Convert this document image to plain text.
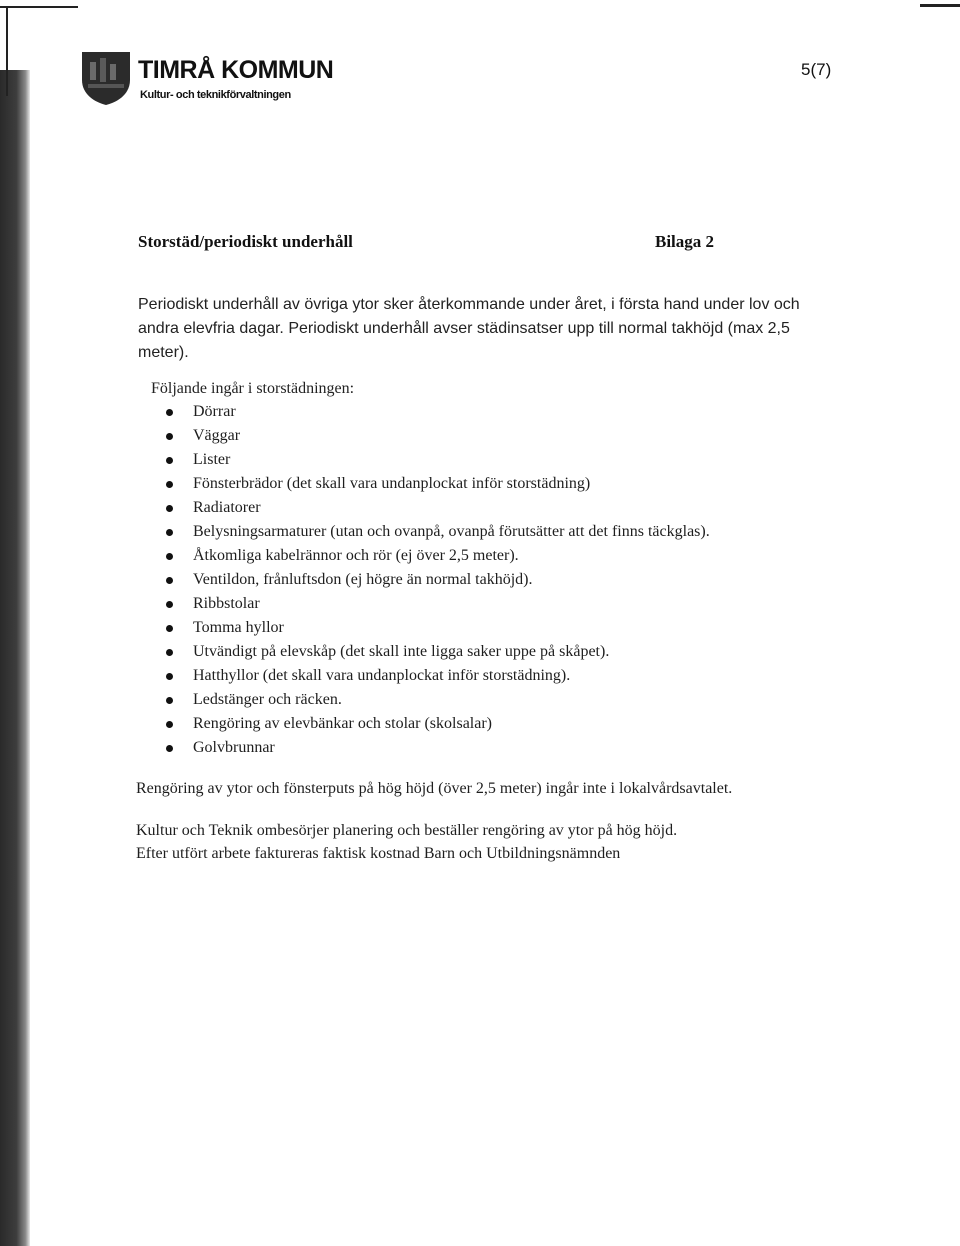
TIMRÅ KOMMUN
Kultur- och teknikförvaltningen
5(7)
Storstäd/periodiskt underhåll	Bilaga 2

Periodiskt underhåll av övriga ytor sker återkommande under året, i första hand under lov och
andra elevfria dagar. Periodiskt underhåll avser städinsatser upp till normal takhöjd (max 2,5
meter).

Följande ingår i storstädningen:
Dörrar
Väggar
Lister
Fönsterbrädor (det skall vara undanplockat inför storstädning)
Radiatorer
Belysningsarmaturer (utan och ovanpå, ovanpå förutsätter att det finns täckglas).
Åtkomliga kabelrännor och rör (ej över 2,5 meter).
Ventildon, frånluftsdon (ej högre än normal takhöjd).
Ribbstolar
Tomma hyllor
Utvändigt på elevskåp (det skall inte ligga saker uppe på skåpet).
Hatthyllor (det skall vara undanplockat inför storstädning).
Ledstänger och räcken.
Rengöring av elevbänkar och stolar (skolsalar)
Golvbrunnar

Rengöring av ytor och fönsterputs på hög höjd (över 2,5 meter) ingår inte i lokalvårdsavtalet.

Kultur och Teknik ombesörjer planering och beställer rengöring av ytor på hög höjd.

Efter utfört arbete faktureras faktisk kostnad Barn och Utbildningsnämnden
